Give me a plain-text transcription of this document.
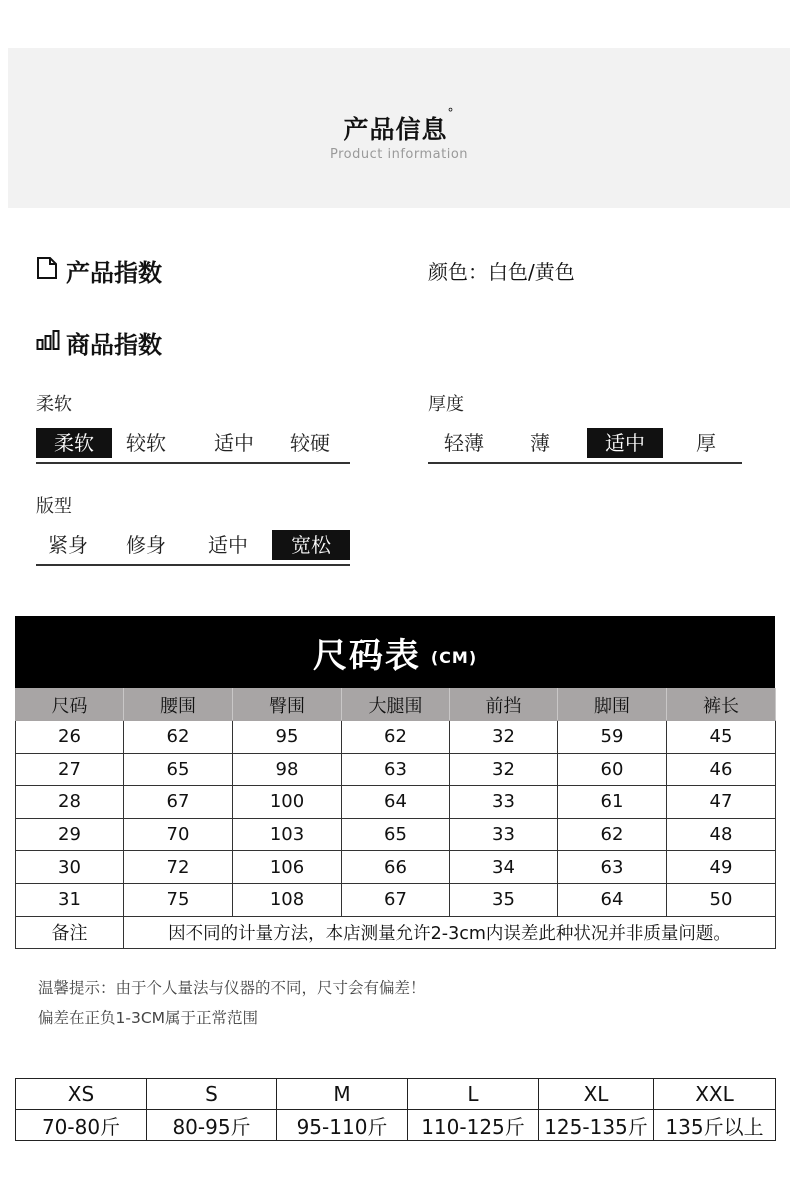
产品信息°
Product information
产品指数	颜色：白色/黄色
商品指数
柔软
柔软	较软	适中	较硬
厚度
轻薄	薄	适中	厚
版型
紧身	修身	适中	宽松
尺码表 (CM)
尺码	腰围	臀围	大腿围	前挡	脚围	裤长
26	62	95	62	32	59	45
27	65	98	63	32	60	46
28	67	100	64	33	61	47
29	70	103	65	33	62	48
30	72	106	66	34	63	49
31	75	108	67	35	64	50
备注	因不同的计量方法，本店测量允许2-3cm内误差此种状况并非质量问题。					
温馨提示：由于个人量法与仪器的不同，尺寸会有偏差！
偏差在正负1-3CM属于正常范围
XS	S	M	L	XL	XXL
70-80斤	80-95斤	95-110斤	110-125斤	125-135斤	135斤以上
